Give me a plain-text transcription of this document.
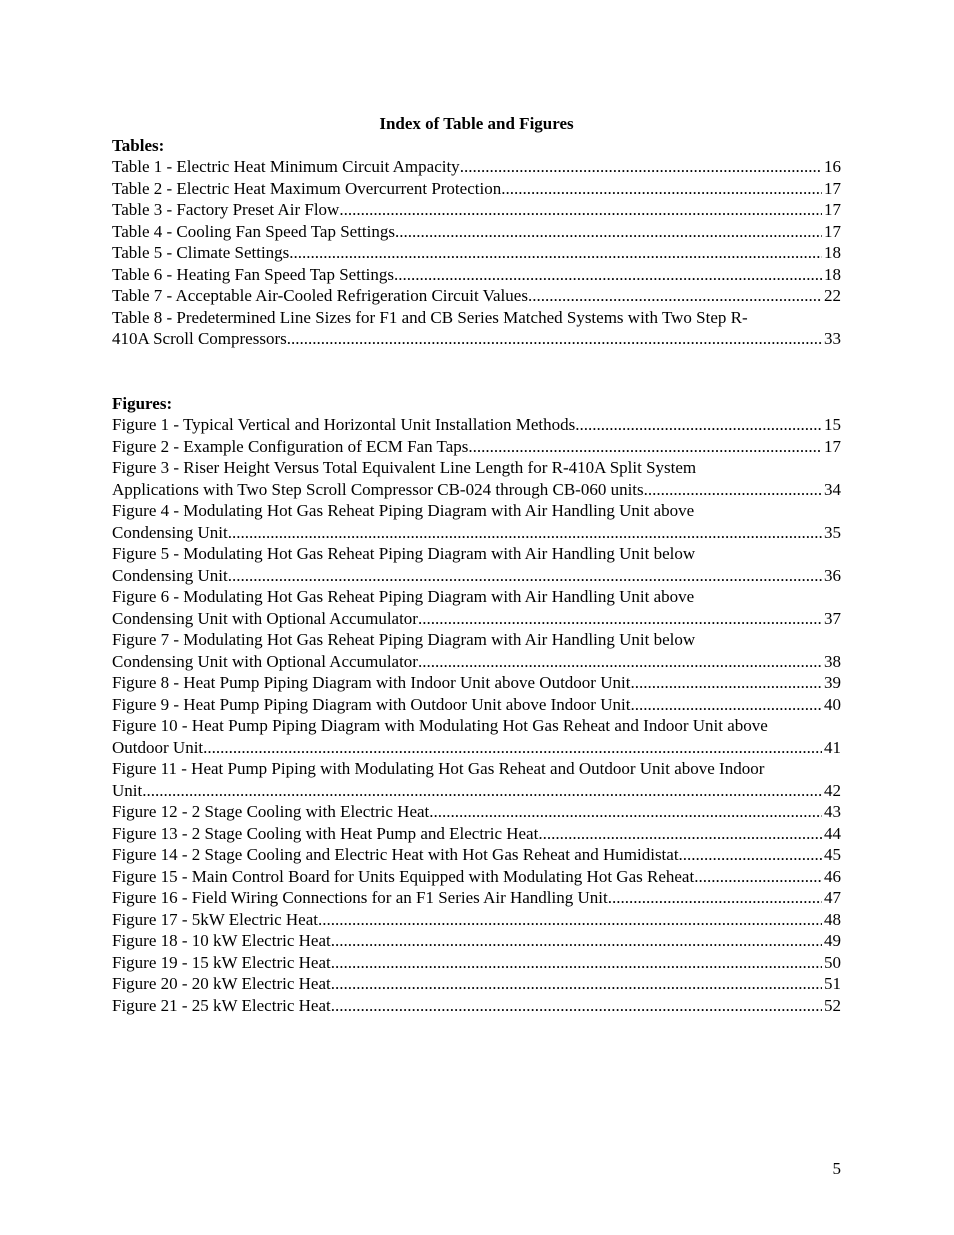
Index of Table and Figures

Tables:

Table 1 - Electric Heat Minimum Circuit Ampacity .....	16
Table 2 - Electric Heat Maximum Overcurrent Protection .....	17
Table 3 - Factory Preset Air Flow .....	17
Table 4 - Cooling Fan Speed Tap Settings .....	17
Table 5 - Climate Settings .....	18
Table 6 - Heating Fan Speed Tap Settings .....	18
Table 7 - Acceptable Air-Cooled Refrigeration Circuit Values .....	22
Table 8 - Predetermined Line Sizes for F1 and CB Series Matched Systems with Two Step R-
410A Scroll Compressors .....	33

Figures:

Figure 1 - Typical Vertical and Horizontal Unit Installation Methods .....	15
Figure 2 - Example Configuration of ECM Fan Taps .....	17
Figure 3 - Riser Height Versus Total Equivalent Line Length for R-410A Split System
Applications with Two Step Scroll Compressor CB-024 through CB-060 units. .....	34
Figure 4 - Modulating Hot Gas Reheat Piping Diagram with Air Handling Unit above
Condensing Unit. .....	35
Figure 5 - Modulating Hot Gas Reheat Piping Diagram with Air Handling Unit below
Condensing Unit .....	36
Figure 6 - Modulating Hot Gas Reheat Piping Diagram with Air Handling Unit above
Condensing Unit with Optional Accumulator .....	37
Figure 7 - Modulating Hot Gas Reheat Piping Diagram with Air Handling Unit below
Condensing Unit with Optional Accumulator .....	38
Figure 8 - Heat Pump Piping Diagram with Indoor Unit above Outdoor Unit .....	39
Figure 9 - Heat Pump Piping Diagram with Outdoor Unit above Indoor Unit .....	40
Figure 10 - Heat Pump Piping Diagram with Modulating Hot Gas Reheat and Indoor Unit above
Outdoor Unit .....	41
Figure 11 - Heat Pump Piping with Modulating Hot Gas Reheat and Outdoor Unit above Indoor
Unit .....	42
Figure 12 - 2 Stage Cooling with Electric Heat .....	43
Figure 13 - 2 Stage Cooling with Heat Pump and Electric Heat .....	44
Figure 14 - 2 Stage Cooling and Electric Heat with Hot Gas Reheat and Humidistat .....	45
Figure 15 - Main Control Board for Units Equipped with Modulating Hot Gas Reheat .....	46
Figure 16 - Field Wiring Connections for an F1 Series Air Handling Unit. .....	47
Figure 17 - 5kW Electric Heat .....	48
Figure 18 - 10 kW Electric Heat .....	49
Figure 19 - 15 kW Electric Heat .....	50
Figure 20 - 20 kW Electric Heat .....	51
Figure 21 - 25 kW Electric Heat .....	52
5
